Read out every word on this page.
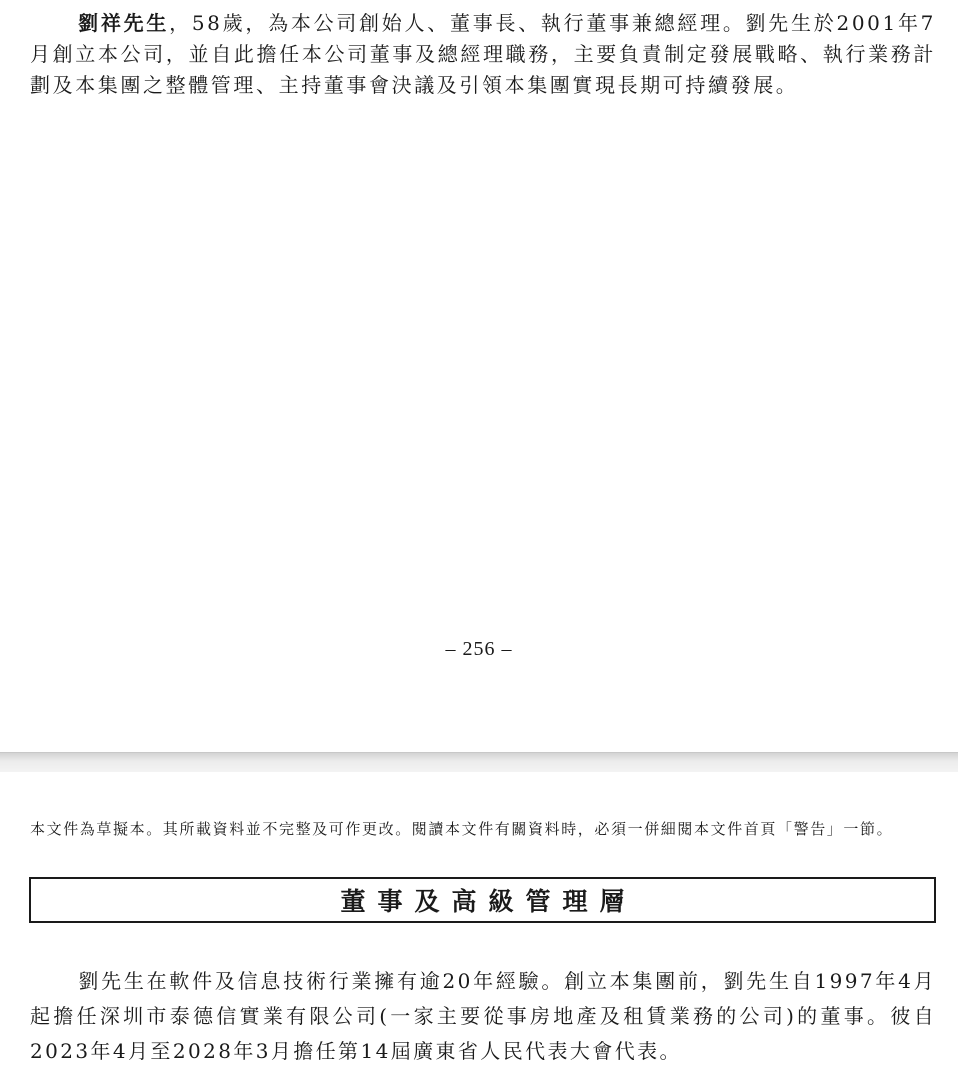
劉祥先生，58歲，為本公司創始人、董事長、執行董事兼總經理。劉先生於2001年7月創立本公司，並自此擔任本公司董事及總經理職務，主要負責制定發展戰略、執行業務計劃及本集團之整體管理、主持董事會決議及引領本集團實現長期可持續發展。

– 256 –
本文件為草擬本。其所載資料並不完整及可作更改。閱讀本文件有關資料時，必須一併細閱本文件首頁「警告」一節。
董事及高級管理層

劉先生在軟件及信息技術行業擁有逾20年經驗。創立本集團前，劉先生自1997年4月起擔任深圳市泰德信實業有限公司(一家主要從事房地產及租賃業務的公司)的董事。彼自2023年4月至2028年3月擔任第14屆廣東省人民代表大會代表。
